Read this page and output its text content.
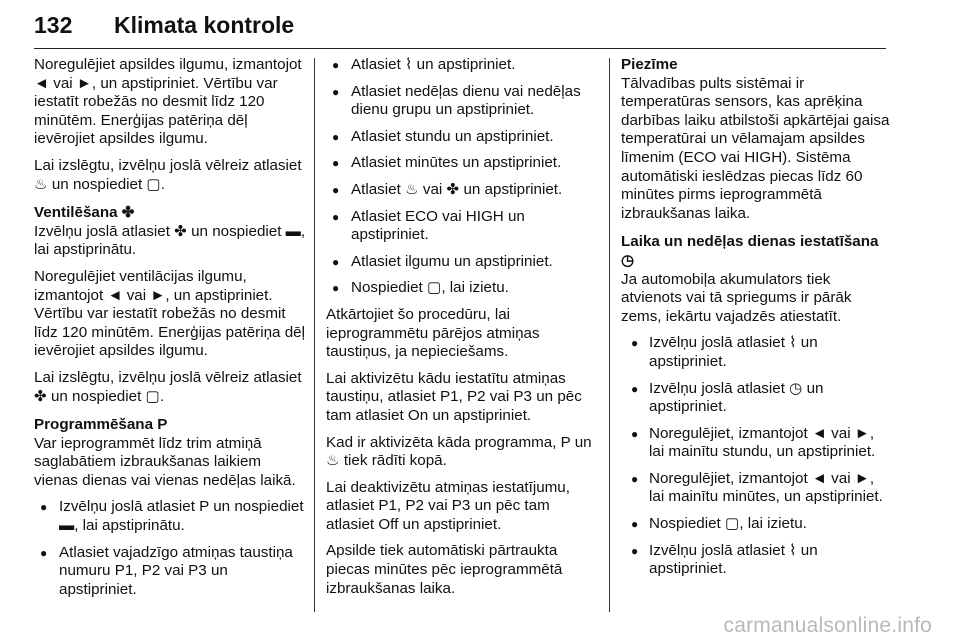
132 Klimata kontrole

Noregulējiet apsildes ilgumu, izmantojot ◄ vai ►, un apstipriniet. Vērtību var iestatīt robežās no desmit līdz 120 minūtēm. Enerģijas patēriņa dēļ ievērojiet apsildes ilgumu.

Lai izslēgtu, izvēlņu joslā vēlreiz atlasiet ♨ un nospiediet ▢.

Ventilēšana ✤

Izvēlņu joslā atlasiet ✤ un nospiediet ▬, lai apstiprinātu.

Noregulējiet ventilācijas ilgumu, izmantojot ◄ vai ►, un apstipriniet. Vērtību var iestatīt robežās no desmit līdz 120 minūtēm. Enerģijas patēriņa dēļ ievērojiet apsildes ilgumu.

Lai izslēgtu, izvēlņu joslā vēlreiz atlasiet ✤ un nospiediet ▢.

Programmēšana P

Var ieprogrammēt līdz trim atmiņā saglabātiem izbraukšanas laikiem vienas dienas vai vienas nedēļas laikā.

● Izvēlņu joslā atlasiet P un nospiediet ▬, lai apstiprinātu.
● Atlasiet vajadzīgo atmiņas taustiņa numuru P1, P2 vai P3 un apstipriniet.
● Atlasiet ⌇ un apstipriniet.
● Atlasiet nedēļas dienu vai nedēļas dienu grupu un apstipriniet.
● Atlasiet stundu un apstipriniet.
● Atlasiet minūtes un apstipriniet.
● Atlasiet ♨ vai ✤ un apstipriniet.
● Atlasiet ECO vai HIGH un apstipriniet.
● Atlasiet ilgumu un apstipriniet.
● Nospiediet ▢, lai izietu.

Atkārtojiet šo procedūru, lai ieprogrammētu pārējos atmiņas taustiņus, ja nepieciešams.

Lai aktivizētu kādu iestatītu atmiņas taustiņu, atlasiet P1, P2 vai P3 un pēc tam atlasiet On un apstipriniet.

Kad ir aktivizēta kāda programma, P un ♨ tiek rādīti kopā.

Lai deaktivizētu atmiņas iestatījumu, atlasiet P1, P2 vai P3 un pēc tam atlasiet Off un apstipriniet.

Apsilde tiek automātiski pārtraukta piecas minūtes pēc ieprogrammētā izbraukšanas laika.

Piezīme
Tālvadības pults sistēmai ir temperatūras sensors, kas aprēķina darbības laiku atbilstoši apkārtējai gaisa temperatūrai un vēlamajam apsildes līmenim (ECO vai HIGH). Sistēma automātiski ieslēdzas piecas līdz 60 minūtes pirms ieprogrammētā izbraukšanas laika.
Laika un nedēļas dienas iestatīšana ◷

Ja automobiļa akumulators tiek atvienots vai tā spriegums ir pārāk zems, iekārtu vajadzēs atiestatīt.

● Izvēlņu joslā atlasiet ⌇ un apstipriniet.
● Izvēlņu joslā atlasiet ◷ un apstipriniet.
● Noregulējiet, izmantojot ◄ vai ►, lai mainītu stundu, un apstipriniet.
● Noregulējiet, izmantojot ◄ vai ►, lai mainītu minūtes, un apstipriniet.
● Nospiediet ▢, lai izietu.
● Izvēlņu joslā atlasiet ⌇ un apstipriniet.
carmanualsonline.info
